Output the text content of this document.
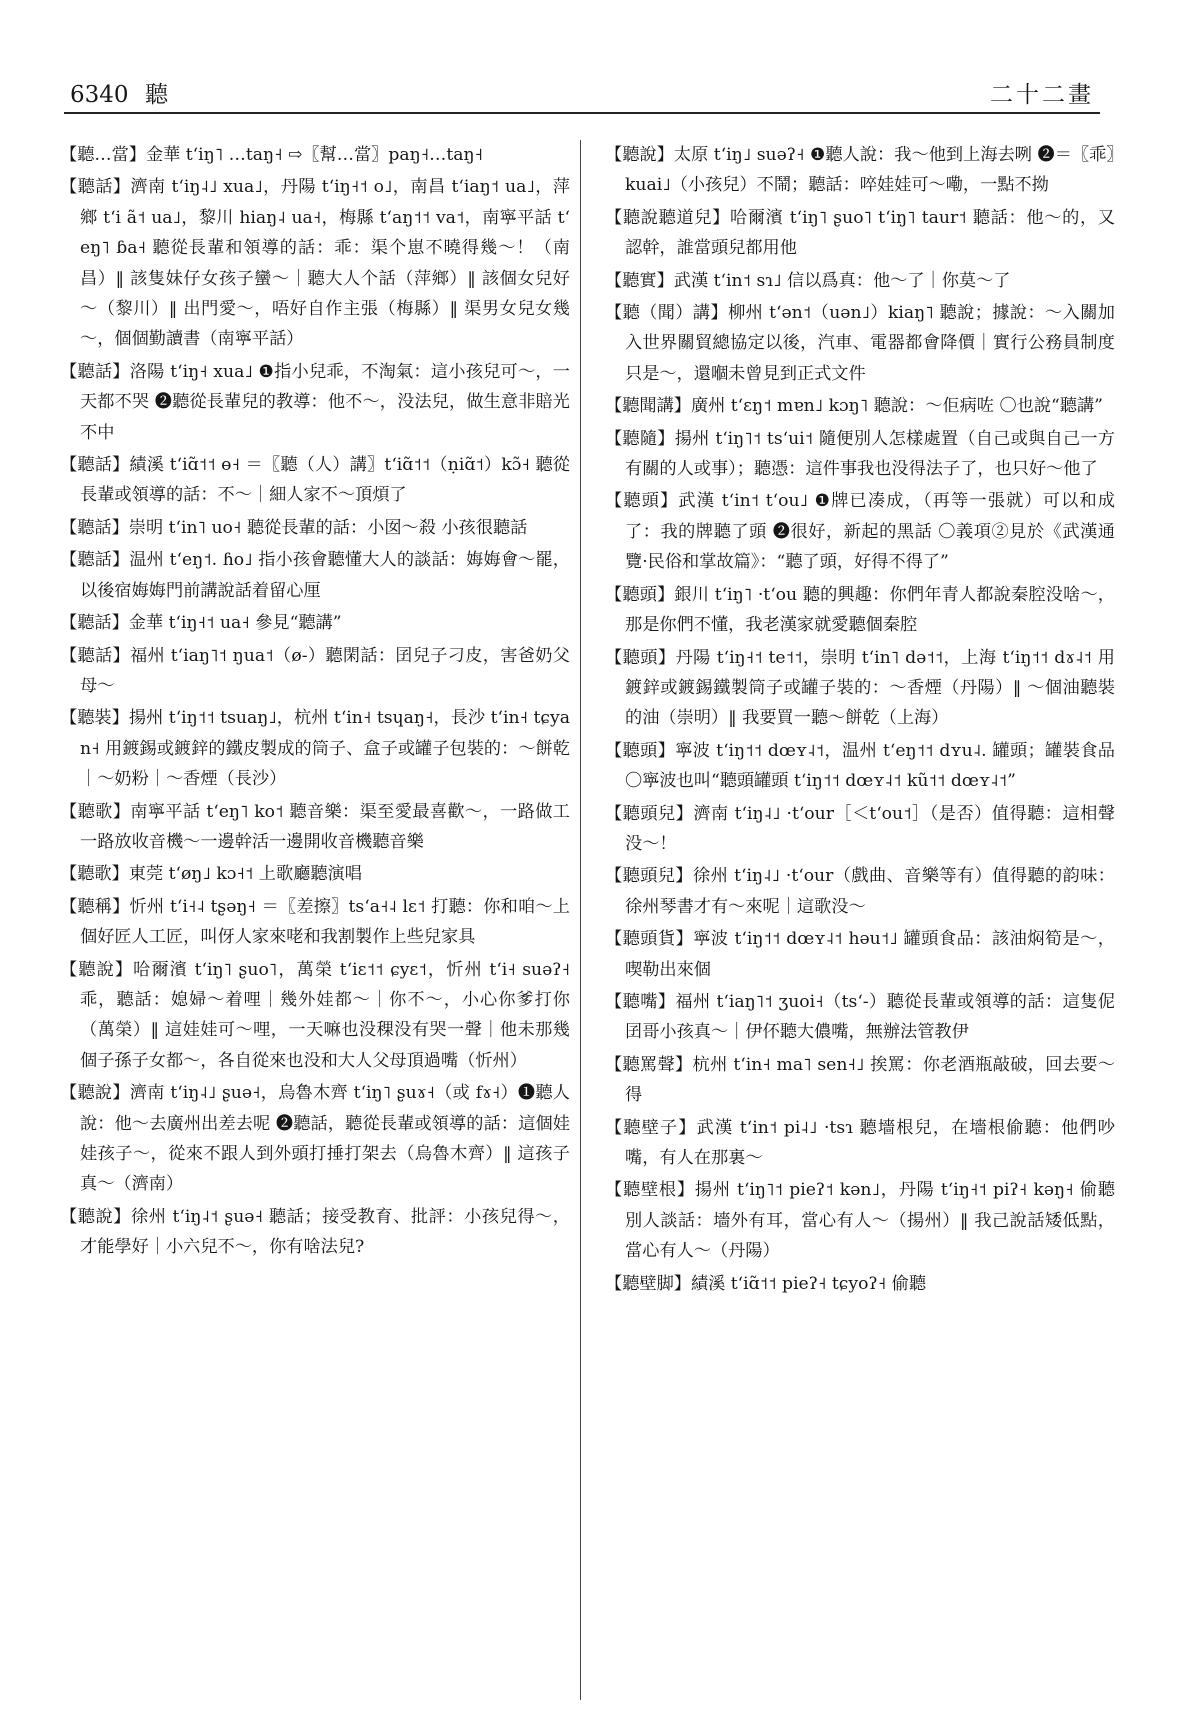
6340 聽	二十二畫

【聽…當】金華 tʻiŋ˥ …taŋ˧ ⇨〖幫…當〗paŋ˧…taŋ˧

【聽話】濟南 tʻiŋ˨˩ xua˩，丹陽 tʻiŋ˧˦ o˩，南昌 tʻiaŋ˦ ua˩，萍鄉 tʻi ã˦ ua˩，黎川 hiaŋ˨ ua˧，梅縣 tʻaŋ˦˦ va˦，南寧平話 tʻeŋ˥ ɓa˧ 聽從長輩和領導的話：乖：渠个崽不曉得幾～！（南昌）‖ 該隻妹仔女孩子蠻～｜聽大人个話（萍鄉）‖ 該個女兒好～（黎川）‖ 出門愛～，唔好自作主張（梅縣）‖ 渠男女兒女幾～，個個勤讀書（南寧平話）

【聽話】洛陽 tʻiŋ˧ xua˩ ❶指小兒乖，不淘氣：這小孩兒可～，一天都不哭 ❷聽從長輩兒的教導：他不～，没法兒，做生意非賠光不中

【聽話】績溪 tʻiɑ̃˦˦ ɵ˧ ＝〖聽（人）講〗tʻiɑ̃˦˦（ṇiɑ̃˦）kɔ̃˧ 聽從長輩或領導的話：不～｜細人家不～頂煩了

【聽話】崇明 tʻin˥ uo˧ 聽從長輩的話：小囡～殺 小孩很聽話

【聽話】温州 tʻeŋ˦. ɦo˩ 指小孩會聽懂大人的談話：娒娒會～罷，以後宿娒娒門前講說話着留心厘

【聽話】金華 tʻiŋ˧˦ ua˧ 參見“聽講”

【聽話】福州 tʻiaŋ˥˦ ŋua˦（ø-）聽閑話：囝兒子刁皮，害爸奶父母～

【聽裝】揚州 tʻiŋ˦˦ tsuaŋ˩，杭州 tʻin˧ tsɥaŋ˧，長沙 tʻin˧ tɕyan˧ 用鍍錫或鍍鋅的鐵皮製成的筒子、盒子或罐子包裝的：～餅乾｜～奶粉｜～香煙（長沙）

【聽歌】南寧平話 tʻeŋ˥ ko˦ 聽音樂：渠至愛最喜歡～，一路做工一路放收音機～一邊幹活一邊開收音機聽音樂

【聽歌】東莞 tʻøŋ˩ kɔ˧˦ 上歌廳聽演唱

【聽稱】忻州 tʻi˧˨ tʂəŋ˧ ＝〖差擦〗tsʻa˧˨ lɛ˦ 打聽：你和咱～上個好匠人工匠，叫伢人家來咾和我割製作上些兒家具

【聽說】哈爾濱 tʻiŋ˥ ʂuo˥，萬榮 tʻiɛ˦˦ ɕyɛ˦，忻州 tʻi˧ suəʔ˧ 乖，聽話：媳婦～着哩｜幾外娃都～｜你不～，小心你爹打你（萬榮）‖ 這娃娃可～哩，一天嘛也没稞没有哭一聲｜他未那幾個子孫子女都～，各自從來也没和大人父母頂過嘴（忻州）

【聽說】濟南 tʻiŋ˨˩ ʂuə˧，烏魯木齊 tʻiŋ˥ ʂuɤ˧（或 fɤ˧）❶聽人說：他～去廣州出差去呢 ❷聽話，聽從長輩或領導的話：這個娃娃孩子～，從來不跟人到外頭打捶打架去（烏魯木齊）‖ 這孩子真～（濟南）

【聽說】徐州 tʻiŋ˨˦ ʂuə˧ 聽話；接受教育、批評：小孩兒得～，才能學好｜小六兒不～，你有啥法兒?

【聽說】太原 tʻiŋ˩ suəʔ˧ ❶聽人說：我～他到上海去咧 ❷＝〖乖〗kuai˩（小孩兒）不鬧；聽話：啐娃娃可～嘞，一點不拗

【聽說聽道兒】哈爾濱 tʻiŋ˥ ʂuo˥ tʻiŋ˥ taur˦ 聽話：他～的，又認幹，誰當頭兒都用他

【聽實】武漢 tʻin˦ sɿ˩ 信以爲真：他～了｜你莫～了

【聽（聞）講】柳州 tʻən˦（uən˩）kiaŋ˥ 聽說；據說：～入關加入世界關貿總協定以後，汽車、電器都會降價｜實行公務員制度只是～，還嗰未曾見到正式文件

【聽聞講】廣州 tʻɛŋ˦ mɐn˩ kɔŋ˥ 聽說：～佢病咗 〇也說“聽講”

【聽隨】揚州 tʻiŋ˥˦ tsʻui˦ 隨便別人怎樣處置（自己或與自己一方有關的人或事）；聽憑：這件事我也没得法子了，也只好～他了

【聽頭】武漢 tʻin˦ tʻou˩ ❶牌已凑成，（再等一張就）可以和成了：我的牌聽了頭 ❷很好，新起的黑話 〇義項②見於《武漢通覽·民俗和掌故篇》：“聽了頭，好得不得了”

【聽頭】銀川 tʻiŋ˥ ·tʻou 聽的興趣：你們年青人都說秦腔没啥～，那是你們不懂，我老漢家就愛聽個秦腔

【聽頭】丹陽 tʻiŋ˧˦ te˦˦，崇明 tʻin˥ də˦˦，上海 tʻiŋ˦˦ dɤ˨˦ 用鍍鋅或鍍錫鐵製筒子或罐子裝的：～香煙（丹陽）‖ ～個油聽裝的油（崇明）‖ 我要買一聽～餅乾（上海）

【聽頭】寧波 tʻiŋ˦˦ dœʏ˨˦，温州 tʻeŋ˦˦ dʏu˨. 罐頭；罐裝食品 〇寧波也叫“聽頭罐頭 tʻiŋ˦˦ dœʏ˨˦ kũ˦˦ dœʏ˨˦”

【聽頭兒】濟南 tʻiŋ˨˩ ·tʻour［＜tʻou˦］（是否）值得聽：這相聲没～！

【聽頭兒】徐州 tʻiŋ˨˩ ·tʻour（戲曲、音樂等有）值得聽的韵味：徐州琴書才有～來呢｜這歌没～

【聽頭貨】寧波 tʻiŋ˦˦ dœʏ˨˦ həu˦˩ 罐頭食品：該油焖筍是～，喫勒出來個

【聽嘴】福州 tʻiaŋ˥˦ ʒuoi˧（tsʻ-）聽從長輩或領導的話：這隻伲囝哥小孩真～｜伊伓聽大儂嘴，無辦法管教伊

【聽罵聲】杭州 tʻin˧ ma˥ sen˧˩ 挨罵：你老酒瓶敲破，回去要～得

【聽壁子】武漢 tʻin˦ pi˨˩ ·tsɿ 聽墻根兒，在墻根偷聽：他們吵嘴，有人在那裏～

【聽壁根】揚州 tʻiŋ˥˦ pieʔ˦ kən˩，丹陽 tʻiŋ˧˦ piʔ˧ kəŋ˧ 偷聽別人談話：墻外有耳，當心有人～（揚州）‖ 我己說話矮低點，當心有人～（丹陽）

【聽壁脚】績溪 tʻiɑ̃˦˦ pieʔ˧ tɕyoʔ˧ 偷聽
